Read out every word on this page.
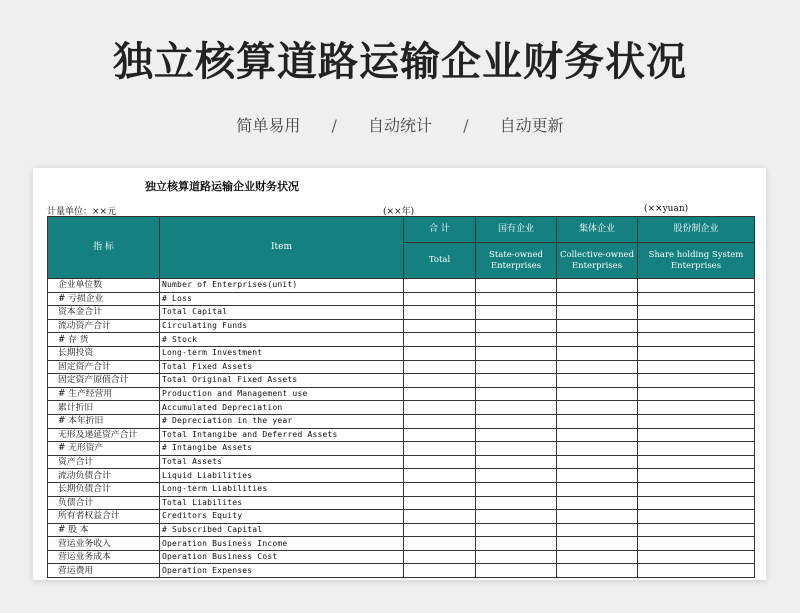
独立核算道路运输企业财务状况
简单易用 / 自动统计 / 自动更新
独立核算道路运输企业财务状况
计量单位：××元	(××年)	(××yuan)
指 标	Item	合 计	国有企业	集体企业	股份制企业
		Total	State-owned Enterprises	Collective-owned Enterprises	Share holding System Enterprises
企业单位数	Number of Enterprises(unit)				
# 亏损企业	# Loss				
资本金合计	Total Capital				
流动资产合计	Circulating Funds				
# 存 货	# Stock				
长期投资	Long-term Investment				
固定资产合计	Total Fixed Assets				
固定资产原值合计	Total Original Fixed Assets				
# 生产经营用	Production and Management use				
累计折旧	Accumulated Depreciation				
# 本年折旧	# Depreciation in the year				
无形及递延资产合计	Total Intangibe and Deferred Assets				
# 无形资产	# Intangibe Assets				
资产合计	Total Assets				
流动负债合计	Liquid Liabilities				
长期负债合计	Long-term Liabilities				
负债合计	Total Liabilites				
所有者权益合计	Creditors Equity				
# 股 本	# Subscribed Capital				
营运业务收入	Operation Business Income				
营运业务成本	Operation Business Cost				
营运费用	Operation Expenses				
